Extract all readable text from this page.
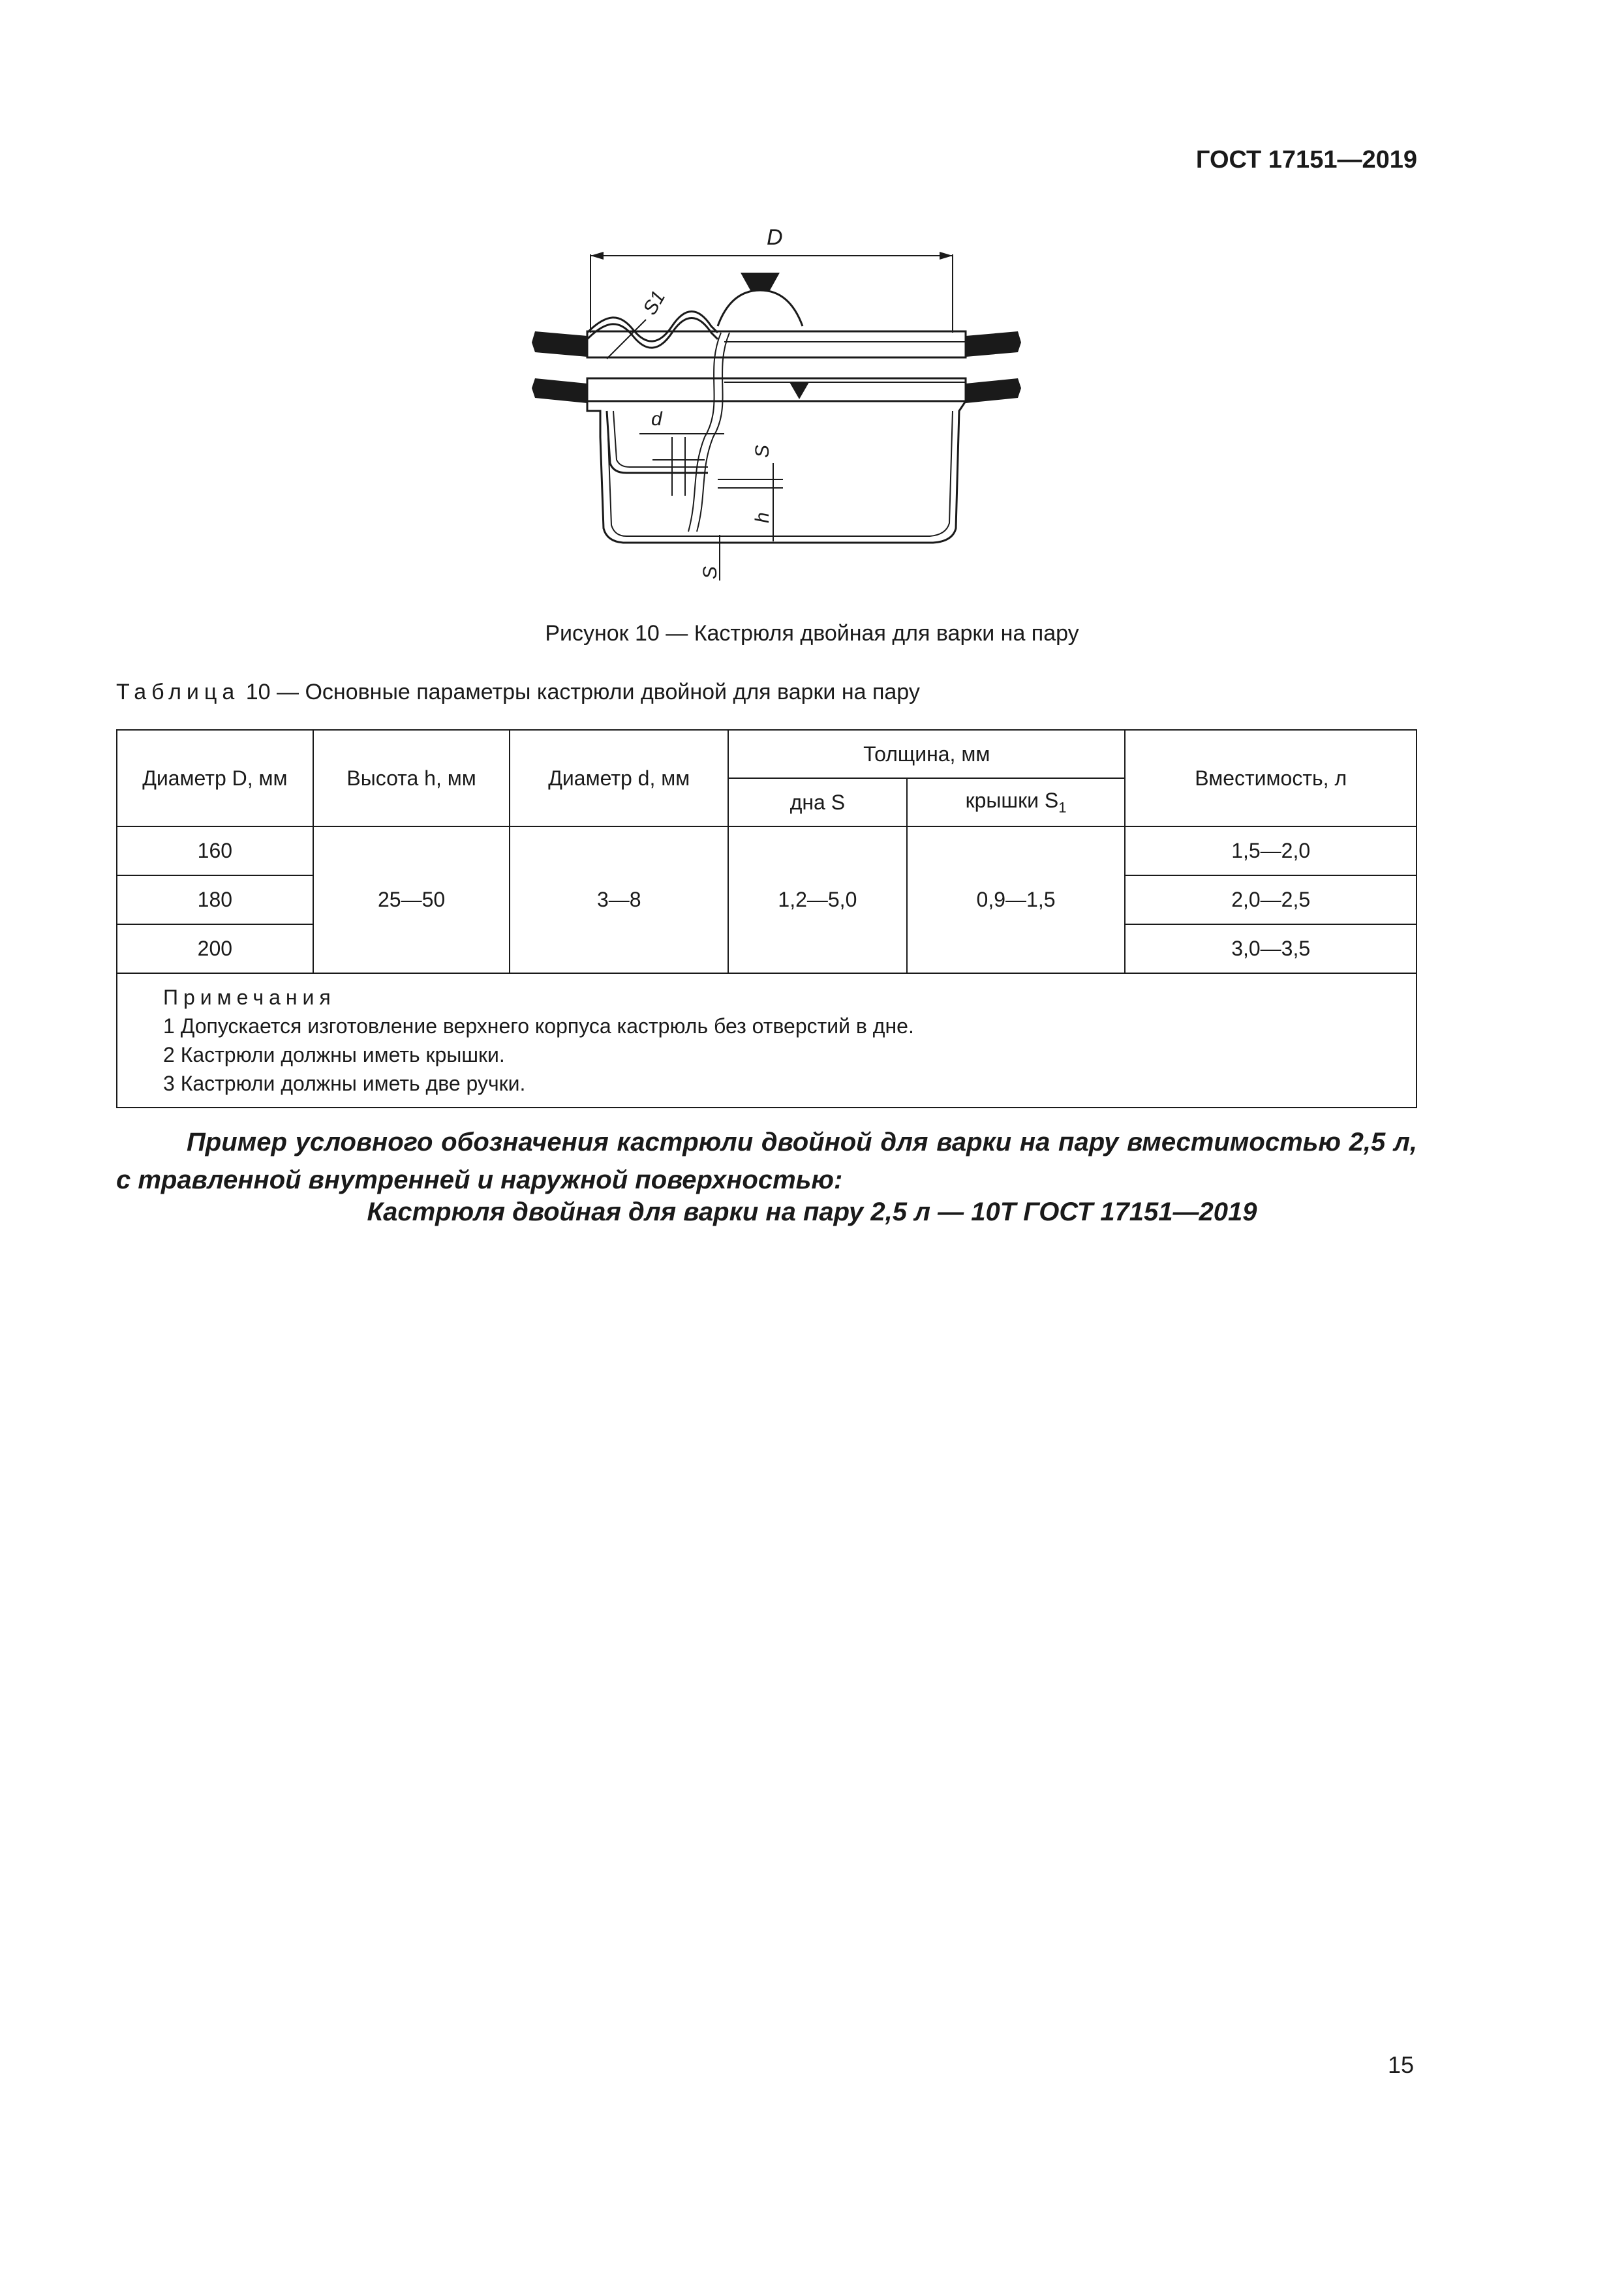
ГОСТ 17151—2019
D
d
S1
S
h
S
Рисунок 10 — Кастрюля двойная для варки на пару
Таблица 10 — Основные параметры кастрюли двойной для варки на пару
Диаметр D, мм	Высота h, мм	Диаметр d, мм	Толщина, мм		Вместимость, л
			дна S	крышки $S_1$
160	25—50	3—8	1,2—5,0	0,9—1,5	1,5—2,0
180					2,0—2,5
200					3,0—3,5

Примечания
1 Допускается изготовление верхнего корпуса кастрюль без отверстий в дне.
2 Кастрюли должны иметь крышки.
3 Кастрюли должны иметь две ручки.					
Пример условного обозначения кастрюли двойной для варки на пару вместимостью 2,5 л, с травленной внутренней и наружной поверхностью:
Кастрюля двойная для варки на пару 2,5 л — 10Т ГОСТ 17151—2019
15
